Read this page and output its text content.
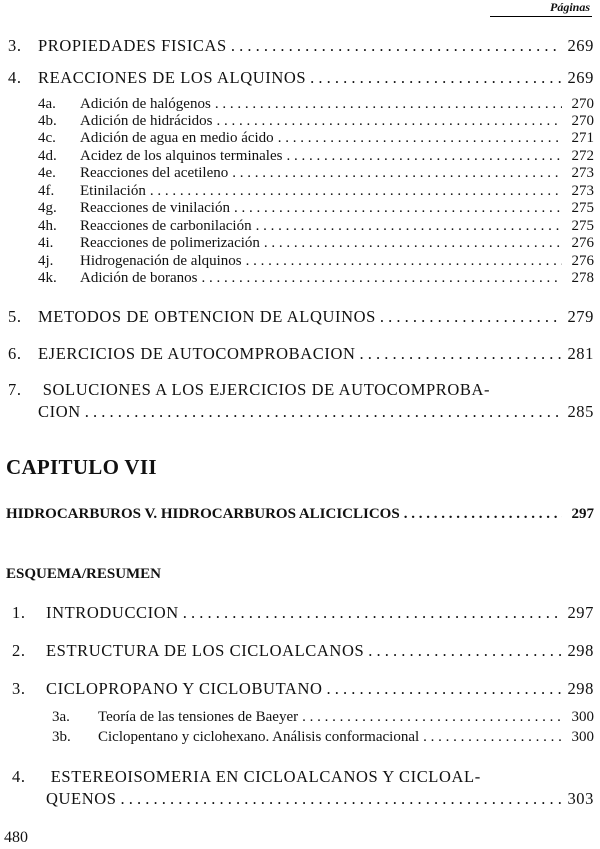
Páginas
3. PROPIEDADES FISICAS . . .	269
4. REACCIONES DE LOS ALQUINOS . . .	269
4a.	Adición de halógenos . . .	270
4b.	Adición de hidrácidos . . .	270
4c.	Adición de agua en medio ácido . . .	271
4d.	Acidez de los alquinos terminales . . .	272
4e.	Reacciones del acetileno . . .	273
4f.	Etinilación . . .	273
4g.	Reacciones de vinilación . . .	275
4h.	Reacciones de carbonilación . . .	275
4i.	Reacciones de polimerización . . .	276
4j.	Hidrogenación de alquinos . . .	276
4k.	Adición de boranos . . .	278
5. METODOS DE OBTENCION DE ALQUINOS . . .	279
6. EJERCICIOS DE AUTOCOMPROBACION . . .	281
7. SOLUCIONES A LOS EJERCICIOS DE AUTOCOMPROBA-
CION . . .	285
CAPITULO VII
HIDROCARBUROS V. HIDROCARBUROS ALICICLICOS . . .	297
ESQUEMA/RESUMEN
1.	INTRODUCCION . . .	297
2.	ESTRUCTURA DE LOS CICLOALCANOS . . .	298
3.	CICLOPROPANO Y CICLOBUTANO . . .	298
3a.	Teoría de las tensiones de Baeyer . . .	300
3b.	Ciclopentano y ciclohexano. Análisis conformacional . . .	300
4. ESTEREOISOMERIA EN CICLOALCANOS Y CICLOAL-
QUENOS . . .	303
480
